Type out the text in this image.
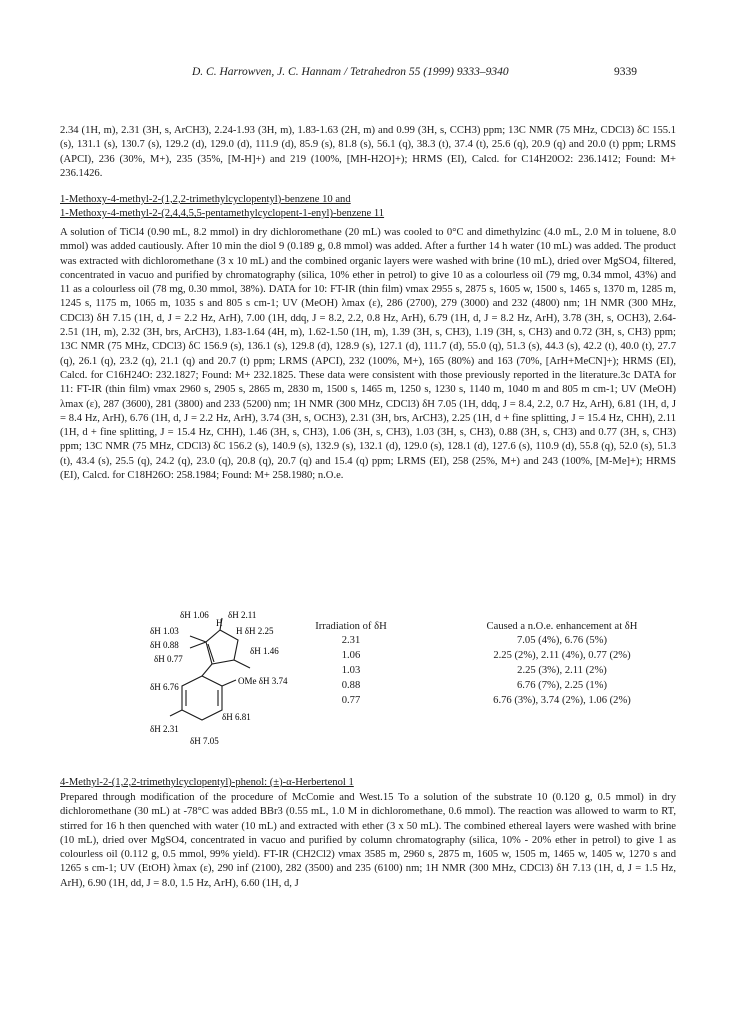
D. C. Harrowven, J. C. Hannam / Tetrahedron 55 (1999) 9333–9340	9339
2.34 (1H, m), 2.31 (3H, s, ArCH3), 2.24-1.93 (3H, m), 1.83-1.63 (2H, m) and 0.99 (3H, s, CCH3) ppm; 13C NMR (75 MHz, CDCl3) δC 155.1 (s), 131.1 (s), 130.7 (s), 129.2 (d), 129.0 (d), 111.9 (d), 85.9 (s), 81.8 (s), 56.1 (q), 38.3 (t), 37.4 (t), 25.6 (q), 20.9 (q) and 20.0 (t) ppm; LRMS (APCI), 236 (30%, M+), 235 (35%, [M-H]+) and 219 (100%, [MH-H2O]+); HRMS (EI), Calcd. for C14H20O2: 236.1412; Found: M+ 236.1426.
1-Methoxy-4-methyl-2-(1,2,2-trimethylcyclopentyl)-benzene 10 and
1-Methoxy-4-methyl-2-(2,4,4,5,5-pentamethylcyclopent-1-enyl)-benzene 11
A solution of TiCl4 (0.90 mL, 8.2 mmol) in dry dichloromethane (20 mL) was cooled to 0°C and dimethylzinc (4.0 mL, 2.0 M in toluene, 8.0 mmol) was added cautiously. After 10 min the diol 9 (0.189 g, 0.8 mmol) was added. After a further 14 h water (10 mL) was added. The product was extracted with dichloromethane (3 x 10 mL) and the combined organic layers were washed with brine (10 mL), dried over MgSO4, filtered, concentrated in vacuo and purified by chromatography (silica, 10% ether in petrol) to give 10 as a colourless oil (79 mg, 0.34 mmol, 43%) and 11 as a colourless oil (78 mg, 0.30 mmol, 38%). DATA for 10: FT-IR (thin film) νmax 2955 s, 2875 s, 1605 w, 1500 s, 1465 s, 1370 m, 1285 m, 1245 s, 1175 m, 1065 m, 1035 s and 805 s cm-1; UV (MeOH) λmax (ε), 286 (2700), 279 (3000) and 232 (4800) nm; 1H NMR (300 MHz, CDCl3) δH 7.15 (1H, d, J = 2.2 Hz, ArH), 7.00 (1H, ddq, J = 8.2, 2.2, 0.8 Hz, ArH), 6.79 (1H, d, J = 8.2 Hz, ArH), 3.78 (3H, s, OCH3), 2.64-2.51 (1H, m), 2.32 (3H, brs, ArCH3), 1.83-1.64 (4H, m), 1.62-1.50 (1H, m), 1.39 (3H, s, CH3), 1.19 (3H, s, CH3) and 0.72 (3H, s, CH3) ppm; 13C NMR (75 MHz, CDCl3) δC 156.9 (s), 136.1 (s), 129.8 (d), 128.9 (s), 127.1 (d), 111.7 (d), 55.0 (q), 51.3 (s), 44.3 (s), 42.2 (t), 40.0 (t), 27.7 (q), 26.1 (q), 23.2 (q), 21.1 (q) and 20.7 (t) ppm; LRMS (APCI), 232 (100%, M+), 165 (80%) and 163 (70%, [ArH+MeCN]+); HRMS (EI), Calcd. for C16H24O: 232.1827; Found: M+ 232.1825. These data were consistent with those previously reported in the literature.3c DATA for 11: FT-IR (thin film) νmax 2960 s, 2905 s, 2865 m, 2830 m, 1500 s, 1465 m, 1250 s, 1230 s, 1140 m, 1040 m and 805 m cm-1; UV (MeOH) λmax (ε), 287 (3600), 281 (3800) and 233 (5200) nm; 1H NMR (300 MHz, CDCl3) δH 7.05 (1H, ddq, J = 8.4, 2.2, 0.7 Hz, ArH), 6.81 (1H, d, J = 8.4 Hz, ArH), 6.76 (1H, d, J = 2.2 Hz, ArH), 3.74 (3H, s, OCH3), 2.31 (3H, brs, ArCH3), 2.25 (1H, d + fine splitting, J = 15.4 Hz, CHH), 2.11 (1H, d + fine splitting, J = 15.4 Hz, CHH), 1.46 (3H, s, CH3), 1.06 (3H, s, CH3), 1.03 (3H, s, CH3), 0.88 (3H, s, CH3) and 0.77 (3H, s, CH3) ppm; 13C NMR (75 MHz, CDCl3) δC 156.2 (s), 140.9 (s), 132.9 (s), 132.1 (d), 129.0 (s), 128.1 (d), 127.6 (s), 110.9 (d), 55.8 (q), 52.0 (s), 51.3 (t), 43.4 (s), 25.5 (q), 24.2 (q), 23.0 (q), 20.8 (q), 20.7 (q) and 15.4 (q) ppm; LRMS (EI), 258 (25%, M+) and 243 (100%, [M-Me]+); HRMS (EI), Calcd. for C18H26O: 258.1984; Found: M+ 258.1980; n.O.e.
δH 1.06 δH 2.11
H
δH 1.03	H δH 2.25
δH 0.88
δH 1.46
δH 0.77
OMe δH 3.74
δH 6.76
δH 6.81
δH 2.31
δH 7.05
Irradiation of δH	Caused a n.O.e. enhancement at δH
2.31	7.05 (4%), 6.76 (5%)
1.06	2.25 (2%), 2.11 (4%), 0.77 (2%)
1.03	2.25 (3%), 2.11 (2%)
0.88	6.76 (7%), 2.25 (1%)
0.77	6.76 (3%), 3.74 (2%), 1.06 (2%)
4-Methyl-2-(1,2,2-trimethylcyclopentyl)-phenol: (±)-α-Herbertenol 1
Prepared through modification of the procedure of McComie and West.15 To a solution of the substrate 10 (0.120 g, 0.5 mmol) in dry dichloromethane (30 mL) at -78°C was added BBr3 (0.55 mL, 1.0 M in dichloromethane, 0.6 mmol). The reaction was allowed to warm to RT, stirred for 16 h then quenched with water (10 mL) and extracted with ether (3 x 50 mL). The combined ethereal layers were washed with brine (10 mL), dried over MgSO4, concentrated in vacuo and purified by column chromatography (silica, 10% - 20% ether in petrol) to give 1 as colourless oil (0.112 g, 0.5 mmol, 99% yield). FT-IR (CH2Cl2) νmax 3585 m, 2960 s, 2875 m, 1605 w, 1505 m, 1465 w, 1405 w, 1270 s and 1265 s cm-1; UV (EtOH) λmax (ε), 290 inf (2100), 282 (3500) and 235 (6100) nm; 1H NMR (300 MHz, CDCl3) δH 7.13 (1H, d, J = 1.5 Hz, ArH), 6.90 (1H, dd, J = 8.0, 1.5 Hz, ArH), 6.60 (1H, d, J
